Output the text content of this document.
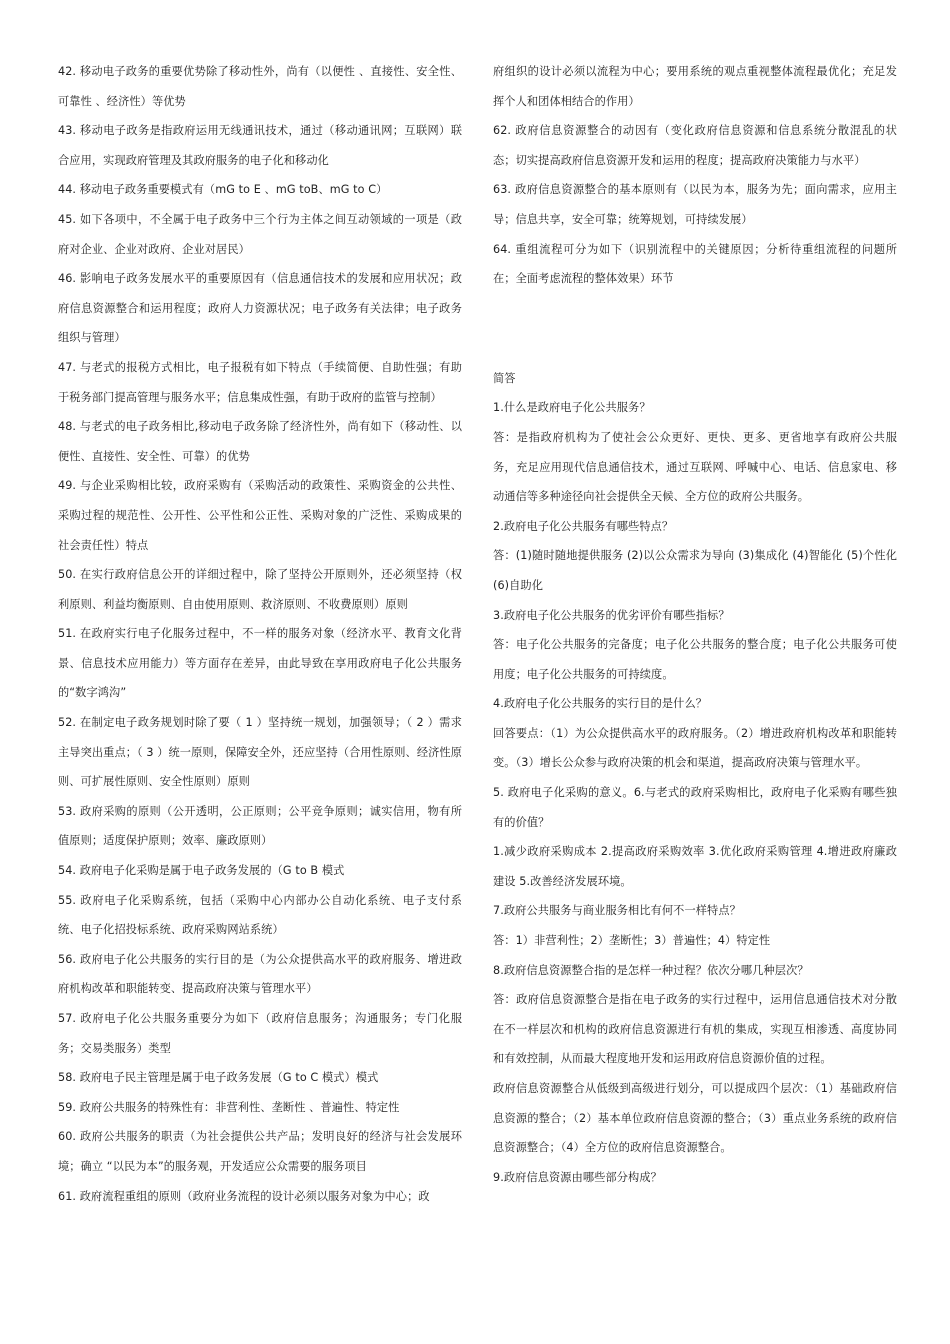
42. 移动电子政务的重要优势除了移动性外，尚有（以便性 、直接性、安全性、可靠性 、经济性）等优势

43. 移动电子政务是指政府运用无线通讯技术，通过（移动通讯网；互联网）联合应用，实现政府管理及其政府服务的电子化和移动化

44. 移动电子政务重要模式有（mG to E 、mG toB、mG to C）

45. 如下各项中，不全属于电子政务中三个行为主体之间互动领域的一项是（政府对企业、企业对政府、企业对居民）

46. 影响电子政务发展水平的重要原因有（信息通信技术的发展和应用状况；政府信息资源整合和运用程度；政府人力资源状况；电子政务有关法律；电子政务组织与管理）

47. 与老式的报税方式相比，电子报税有如下特点（手续简便、自助性强；有助于税务部门提高管理与服务水平；信息集成性强，有助于政府的监管与控制）

48. 与老式的电子政务相比,移动电子政务除了经济性外，尚有如下（移动性、以便性、直接性、安全性、可靠）的优势

49. 与企业采购相比较，政府采购有（采购活动的政策性、采购资金的公共性、采购过程的规范性、公开性、公平性和公正性、采购对象的广泛性、采购成果的社会责任性）特点

50. 在实行政府信息公开的详细过程中，除了坚持公开原则外，还必须坚持（权利原则、利益均衡原则、自由使用原则、救济原则、不收费原则）原则

51. 在政府实行电子化服务过程中，不一样的服务对象（经济水平、教育文化背景、信息技术应用能力）等方面存在差异，由此导致在享用政府电子化公共服务的“数字鸿沟”

52. 在制定电子政务规划时除了要（ 1 ）坚持统一规划，加强领导；（ 2 ）需求主导突出重点；（ 3 ）统一原则，保障安全外，还应坚持（合用性原则、经济性原则、可扩展性原则、安全性原则）原则

53. 政府采购的原则（公开透明，公正原则；公平竞争原则；诚实信用，物有所值原则；适度保护原则；效率、廉政原则）

54. 政府电子化采购是属于电子政务发展的（G to B 模式

55. 政府电子化采购系统，包括（采购中心内部办公自动化系统、电子支付系统、电子化招投标系统、政府采购网站系统）

56. 政府电子化公共服务的实行目的是（为公众提供高水平的政府服务、增进政府机构改革和职能转变、提高政府决策与管理水平）

57. 政府电子化公共服务重要分为如下（政府信息服务；沟通服务；专门化服务；交易类服务）类型

58. 政府电子民主管理是属于电子政务发展（G to C 模式）模式

59. 政府公共服务的特殊性有：非营利性、垄断性 、普遍性、特定性

60. 政府公共服务的职责（为社会提供公共产品；发明良好的经济与社会发展环境；确立 “以民为本”的服务观，开发适应公众需要的服务项目

61. 政府流程重组的原则（政府业务流程的设计必须以服务对象为中心；政

府组织的设计必须以流程为中心；要用系统的观点重视整体流程最优化；充足发挥个人和团体相结合的作用）

62. 政府信息资源整合的动因有（变化政府信息资源和信息系统分散混乱的状态；切实提高政府信息资源开发和运用的程度；提高政府决策能力与水平）

63. 政府信息资源整合的基本原则有（以民为本，服务为先；面向需求，应用主导；信息共享，安全可靠；统筹规划，可持续发展）

64. 重组流程可分为如下（识别流程中的关键原因；分析待重组流程的问题所在；全面考虑流程的整体效果）环节

简答

1.什么是政府电子化公共服务？

答：是指政府机构为了使社会公众更好、更快、更多、更省地享有政府公共服务，充足应用现代信息通信技术，通过互联网、呼喊中心、电话、信息家电、移动通信等多种途径向社会提供全天候、全方位的政府公共服务。

2.政府电子化公共服务有哪些特点？

答：(1)随时随地提供服务 (2)以公众需求为导向 (3)集成化 (4)智能化 (5)个性化 (6)自助化

3.政府电子化公共服务的优劣评价有哪些指标？

答：电子化公共服务的完备度；电子化公共服务的整合度；电子化公共服务可使用度；电子化公共服务的可持续度。

4.政府电子化公共服务的实行目的是什么？

回答要点：（1）为公众提供高水平的政府服务。（2）增进政府机构改革和职能转变。（3）增长公众参与政府决策的机会和渠道，提高政府决策与管理水平。

5. 政府电子化采购的意义。6.与老式的政府采购相比，政府电子化采购有哪些独有的价值？

1.减少政府采购成本 2.提高政府采购效率 3.优化政府采购管理 4.增进政府廉政建设 5.改善经济发展环境。

7.政府公共服务与商业服务相比有何不一样特点？

答：1）非营利性；2）垄断性；3）普遍性；4）特定性

8.政府信息资源整合指的是怎样一种过程？依次分哪几种层次？

答：政府信息资源整合是指在电子政务的实行过程中，运用信息通信技术对分散在不一样层次和机构的政府信息资源进行有机的集成，实现互相渗透、高度协同和有效控制，从而最大程度地开发和运用政府信息资源价值的过程。

政府信息资源整合从低级到高级进行划分，可以提成四个层次：（1）基础政府信息资源的整合；（2）基本单位政府信息资源的整合；（3）重点业务系统的政府信息资源整合；（4）全方位的政府信息资源整合。

9.政府信息资源由哪些部分构成？
